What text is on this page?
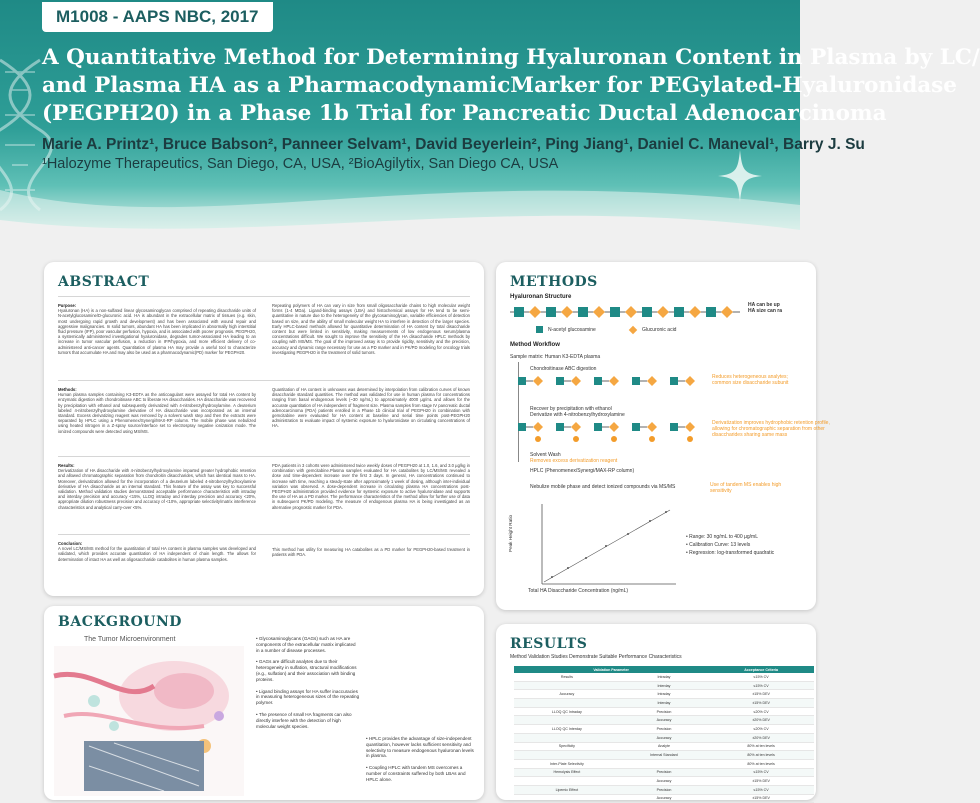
M1008 - AAPS NBC, 2017
A Quantitative Method for Determining Hyaluronan Content in Plasma by LC/
and Plasma HA as a PharmacodynamicMarker for PEGylated-Hyaluronidase
(PEGPH20) in a Phase 1b Trial for Pancreatic Ductal Adenocarcinoma
Marie A. Printz¹, Bruce Babson², Panneer Selvam¹, David Beyerlein², Ping Jiang¹, Daniel C. Maneval¹, Barry J. Su
¹Halozyme Therapeutics, San Diego, CA, USA, ²BioAgilytix, San Diego CA, USA
ABSTRACT
Purpose:
Hyaluronan (HA) is a non-sulfated linear glycosaminoglycan comprised of repeating disaccharide units of N-acetylglucosamine/D-glucuronic acid. HA is abundant in the extracellular matrix of tissues (e.g. skin, most undergoing rapid growth and development) and has been associated with wound repair and aggressive malignancies. In solid tumors, abundant HA has been implicated in abnormally high interstitial fluid pressure (IFP), poor vascular perfusion, hypoxia, and is associated with poorer prognosis. PEGPH20, a systemically administered investigational hyaluronidase, degrades tumor-associated HA leading to an increase in tumor vascular perfusion, a reduction in IFP/hypoxia, and more efficient delivery of co-administered anti-cancer agents. Quantitation of plasma HA may provide a useful tool to characterize tumors that accumulate HA and may also be used as a pharmacodynamic(PD) marker for PEGPH20.
Repeating polymers of HA can vary in size from small oligosaccharide chains to high molecular weight forms (1-4 MDa). Ligand-binding assays (LBA) and histochemical assays for HA tend to be semi-quantitative in nature due to the heterogeneity of the glycosaminoglycan, variable efficiencies of detection based on size, and the ability of small molecular weight HA to interfere in detection of the larger species. Early HPLC-based methods allowed for quantitative determination of HA content by total disaccharide content but were limited in sensitivity, making measurements of low endogenous serum/plasma concentrations difficult. We sought to improve the sensitivity of the HA disaccharide HPLC methods by coupling with MS/MS. The goal of the improved assay is to provide rigidity, sensitivity and the precision, accuracy and dynamic range necessary for use as a PD marker and in PK/PD modeling for oncology trials investigating PEGPH20 in the treatment of solid tumors.
Methods:
Human plasma samples containing K3-EDTA as the anticoagulant were assayed for total HA content by enzymatic digestion with chondroitinase ABC to liberate HA disaccharides. HA disaccharide was recovered by precipitation with ethanol and subsequently derivatized with 4-nitrobenzylhydroxylamine. A deuterium labeled 4-nitrobenzylhydroxylamine derivative of HA disaccharide was incorporated as an internal standard. Excess derivatizing reagent was removed by a solvent wash step and then the extracts were separated by HPLC using a Phenomenex/Synergi/MAX-RP column. The mobile phase was nebulized using heated nitrogen in a Z-spray source/interface set to electrospray negative ionization mode. The ionized compounds were detected using MS/MS.
Quantitation of HA content in unknowns was determined by interpolation from calibration curves of known disaccharide standard quantities. The method was validated for use in human plasma for concentrations ranging from basal endogenous levels (~30 ng/mL) to approximately 4000 µg/mL and allows for the accurate quantitation of HA independent of fragment size. Plasma samples from stage IV pancreatic ductal adenocarcinoma (PDA) patients enrolled in a Phase 1b clinical trial of PEGPH20 in combination with gemcitabine were evaluated for HA content at baseline and serial time points post-PEGPH20 administration to evaluate impact of systemic exposure to hyaluronidase on circulating concentrations of HA.
Results:
Derivatization of HA disaccharide with 4-nitrobenzylhydroxylamine imparted greater hydrophobic retention and allowed chromatographic separation from chondroitin disaccharides, which has identical mass to HA. Moreover, derivatization allowed for the incorporation of a deuterium labeled 4-nitrobenzylhydroxylamine derivative of HA disaccharide as an internal standard. This feature of the assay was key to successful validation. Method validation studies demonstrated acceptable performance characteristics with intraday and interday precision and accuracy <15%, LLOQ intraday and interday precision and accuracy <20%, appropriate dilution robustness precision and accuracy of <10%, appropriate selectivity/matrix interference characteristics and analytical carry-over <5%.
PDA patients in 3 cohorts were administered twice weekly doses of PEGPH20 at 1.0, 1.6, and 3.0 µg/kg in combination with gemcitabine.Plasma samples evaluated for HA catabolites by LC/MS/MS revealed a dose and time-dependent increase over the first 3 days. In general, HA concentrations continued to increase with time, reaching a steady-state after approximately 1 week of dosing, although inter-individual variation was observed. A dose-dependent increase in circulating plasma HA concentrations post-PEGPH20 administration provided evidence for systemic exposure to active hyaluronidase and supports the use of HA as a PD marker. The performance characteristics of the method allow for further use of data in subsequent PK/PD modeling. The measure of endogenous plasma HA is being investigated as an alternative prognostic marker for PDA.
Conclusion:
A novel LC/MS/MS method for the quantitation of total HA content in plasma samples was developed and validated, which provides accurate quantitation of HA independent of chain length. The allows for determination of intact HA as well as oligosaccharide catabolites in human plasma samples.
This method has utility for measuring HA catabolites as a PD marker for PEGPH20-based treatment in patients with PDA.
BACKGROUND
The Tumor Microenvironment	• Glycosaminoglycans (GAGs) such as HA are components of the extracellular matrix implicated in a number of disease processes.
• GAGs are difficult analytes due to their heterogeneity in sulfation, structural modifications (e.g., sulfation) and their association with binding proteins.
• Ligand binding assays for HA suffer inaccuracies in measuring heterogeneous sizes of the repeating polymer.
• The presence of small HA fragments can also directly interfere with the detection of high molecular weight species.
• HPLC provides the advantage of size-independent quantitation, however lacks sufficient sensitivity and selectivity to measure endogenous hyaluronan levels in plasma.
• Coupling HPLC with tandem MS overcomes a number of constraints suffered by both LBAs and HPLC alone.
METHODS
Hyaluronan Structure
HA can be up
HA size can ra
N-acetyl glucosamine	Glucuronic acid
Method Workflow
Sample matrix: Human K3-EDTA plasma
Chondroitinase ABC digestion
Reduces heterogeneous analytes;
common size disaccharide subunit
Recover by precipitation with ethanol
Derivatize with 4-nitrobenzylhydroxylamine
Derivatization improves hydrophobic retention profile,
allowing for chromatographic separation from other
disaccharides sharing same mass
Solvent Wash
Removes excess derivatization reagent
HPLC (Phenomenex/Synergi/MAX-RP column)
Nebulize mobile phase and detect ionized compounds via MS/MS	Use of tandem MS enables high
sensitivity
Peak Height Ratio
Total HA Disaccharide Concentration (ng/mL)
• Range: 30 ng/mL to 400 µg/mL
• Calibration Curve: 13 levels
• Regression: log-transformed quadratic
RESULTS
Method Validation Studies Demonstrate Suitable Performance Characteristics
Validation Parameter		Acceptance Criteria
Results	Intraday	≤15% CV
	Interday	≤15% CV
Accuracy	Intraday	±15% DEV
	Interday	±15% DEV
LLOQ QC Intraday	Precision	≤20% CV
	Accuracy	±20% DEV
LLOQ QC Interday	Precision	≤20% CV
	Accuracy	±20% DEV
Specificity	Analyte	80% at ten levels
	Internal Standard	80% at ten levels
Inter-Plate Selectivity		80% at ten levels
Hemolysis Effect	Precision	≤15% CV
	Accuracy	±15% DEV
Lipemic Effect	Precision	≤15% CV
	Accuracy	±15% DEV
